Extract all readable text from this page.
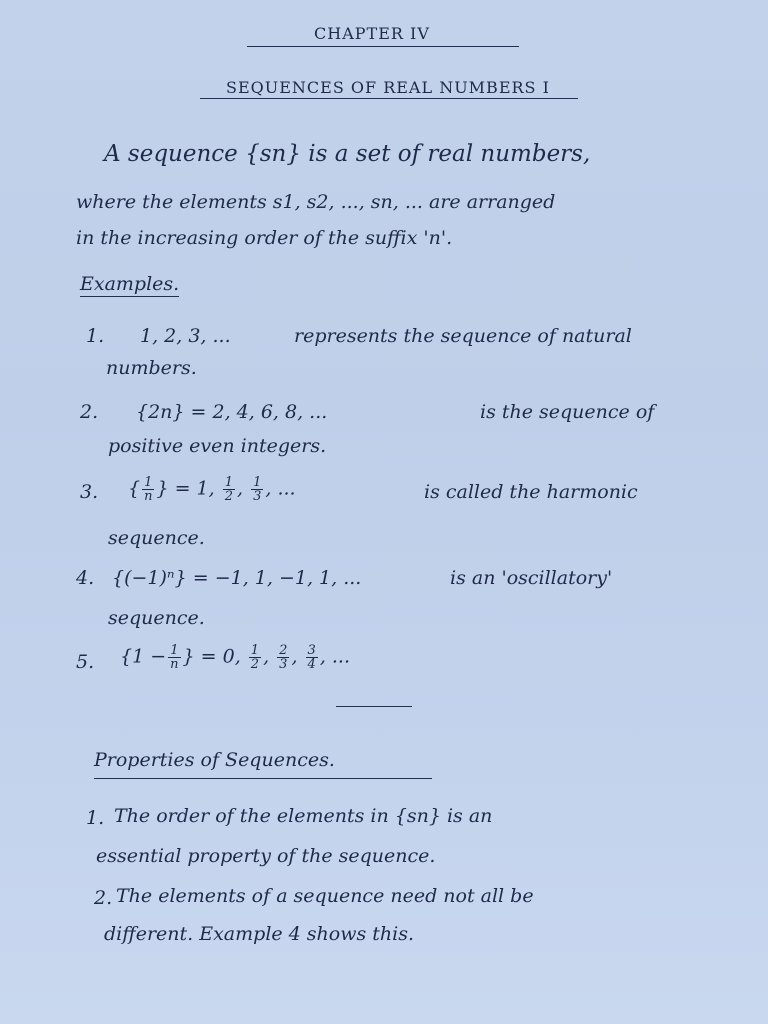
CHAPTER IV
SEQUENCES OF REAL NUMBERS I
A sequence {sn} is a set of real numbers,
where the elements s1, s2, ..., sn, ... are arranged
in the increasing order of the suffix 'n'.
Examples.
1. 1, 2, 3, ...	represents the sequence of natural
numbers.
2. {2n} = 2, 4, 6, 8, ...	is the sequence of
positive even integers.
3. { $\frac{1}{n}$ } = 1, $\frac{1}{2}$ , $\frac{1}{3}$ , ...	is called the harmonic
sequence.
4. {(−1)ⁿ} = −1, 1, −1, 1, ...	is an 'oscillatory'
sequence.
5. {$1 - \frac{1}{n}$ } = 0, $\frac{1}{2}$ , $\frac{2}{3}$ , $\frac{3}{4}$ , ...
Properties of Sequences.
1. The order of the elements in {sn} is an
essential property of the sequence.
2. The elements of a sequence need not all be
different. Example 4 shows this.
